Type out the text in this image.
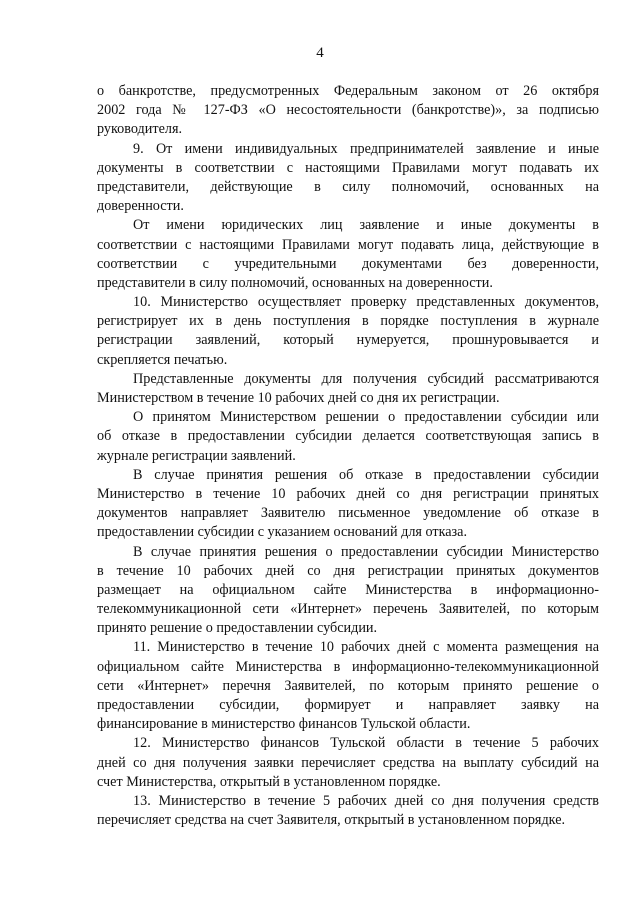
4
о банкротстве, предусмотренных Федеральным законом от 26 октября
2002 года № 127-ФЗ «О несостоятельности (банкротстве)», за подписью
руководителя.
9. От имени индивидуальных предпринимателей заявление и иные
документы в соответствии с настоящими Правилами могут подавать их
представители, действующие в силу полномочий, основанных на
доверенности.
От имени юридических лиц заявление и иные документы в
соответствии с настоящими Правилами могут подавать лица, действующие в
соответствии с учредительными документами без доверенности,
представители в силу полномочий, основанных на доверенности.
10. Министерство осуществляет проверку представленных документов,
регистрирует их в день поступления в порядке поступления в журнале
регистрации заявлений, который нумеруется, прошнуровывается и
скрепляется печатью.
Представленные документы для получения субсидий рассматриваются
Министерством в течение 10 рабочих дней со дня их регистрации.
О принятом Министерством решении о предоставлении субсидии или
об отказе в предоставлении субсидии делается соответствующая запись в
журнале регистрации заявлений.
В случае принятия решения об отказе в предоставлении субсидии
Министерство в течение 10 рабочих дней со дня регистрации принятых
документов направляет Заявителю письменное уведомление об отказе в
предоставлении субсидии с указанием оснований для отказа.
В случае принятия решения о предоставлении субсидии Министерство
в течение 10 рабочих дней со дня регистрации принятых документов
размещает на официальном сайте Министерства в информационно-
телекоммуникационной сети «Интернет» перечень Заявителей, по которым
принято решение о предоставлении субсидии.
11. Министерство в течение 10 рабочих дней с момента размещения на
официальном сайте Министерства в информационно-телекоммуникационной
сети «Интернет» перечня Заявителей, по которым принято решение о
предоставлении субсидии, формирует и направляет заявку на
финансирование в министерство финансов Тульской области.
12. Министерство финансов Тульской области в течение 5 рабочих
дней со дня получения заявки перечисляет средства на выплату субсидий на
счет Министерства, открытый в установленном порядке.
13. Министерство в течение 5 рабочих дней со дня получения средств
перечисляет средства на счет Заявителя, открытый в установленном порядке.
